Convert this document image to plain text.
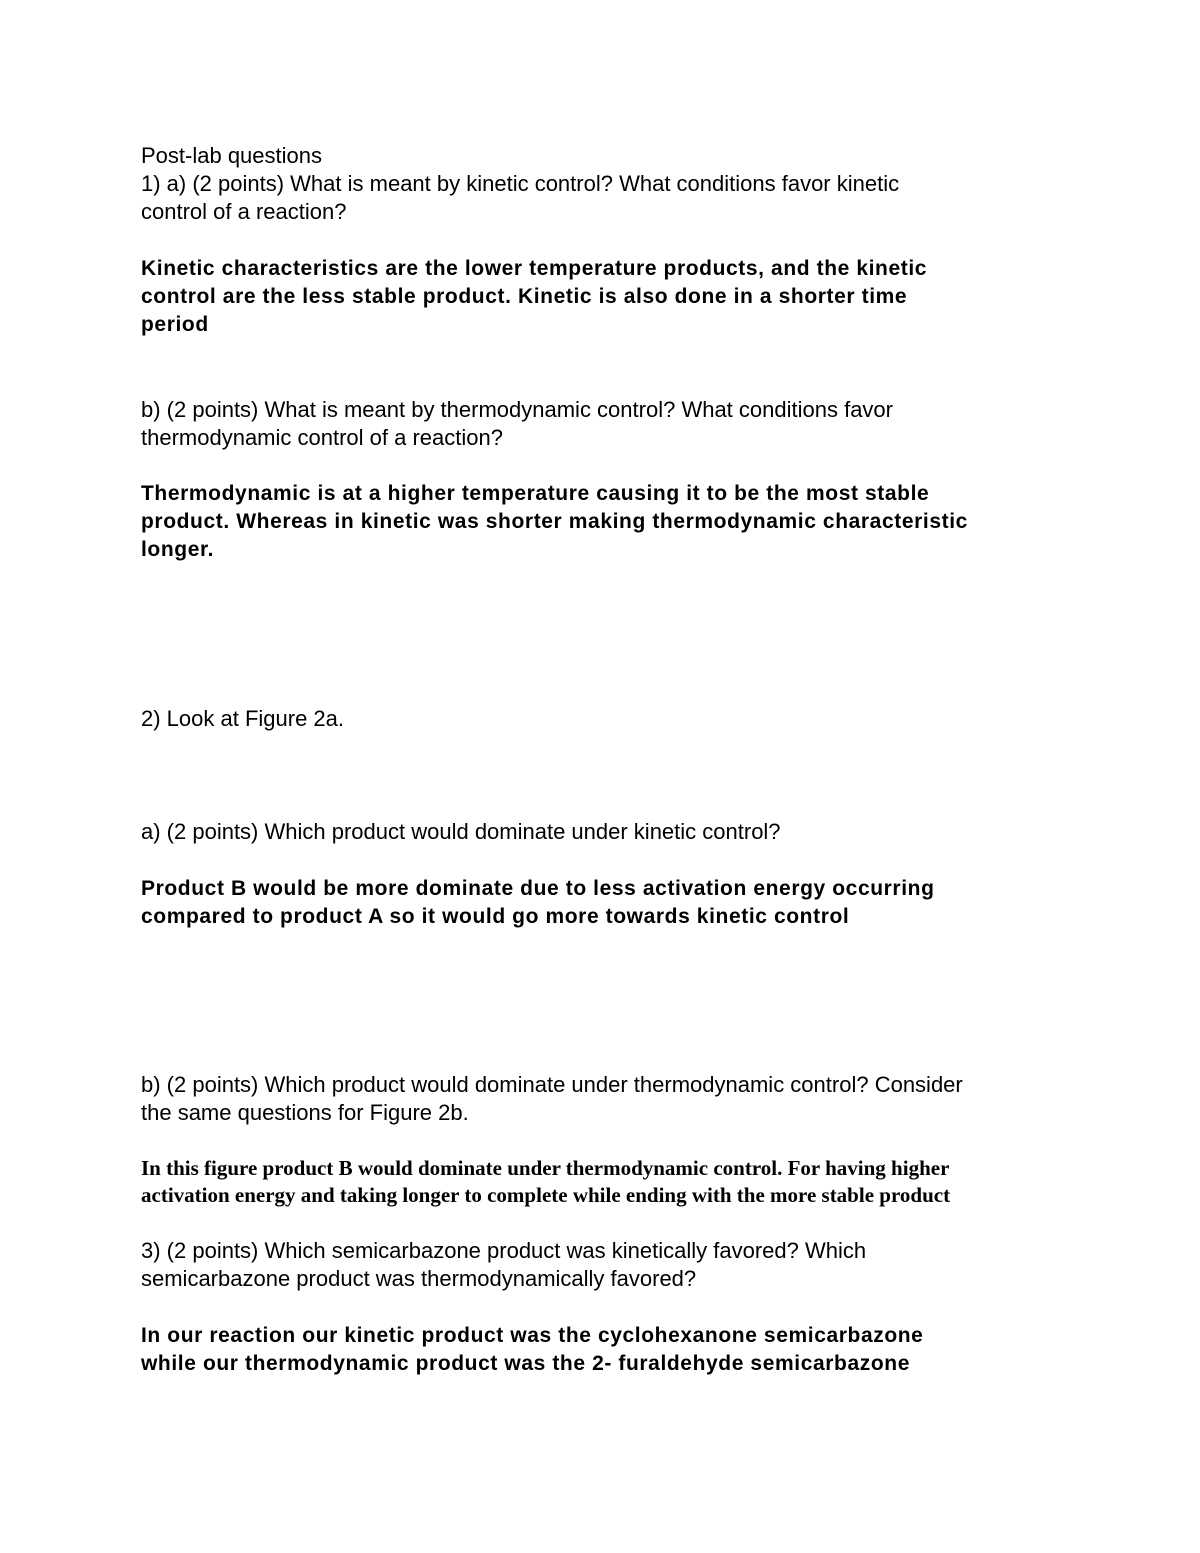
Post-lab questions

1) a) (2 points) What is meant by kinetic control? What conditions favor kinetic

control of a reaction?

Kinetic characteristics are the lower temperature products, and the kinetic

control are the less stable product. Kinetic is also done in a shorter time

period

b) (2 points) What is meant by thermodynamic control? What conditions favor

thermodynamic control of a reaction?

Thermodynamic is at a higher temperature causing it to be the most stable

product. Whereas in kinetic was shorter making thermodynamic characteristic

longer.

2) Look at Figure 2a.

a) (2 points) Which product would dominate under kinetic control?

Product B would be more dominate due to less activation energy occurring

compared to product A so it would go more towards kinetic control

b) (2 points) Which product would dominate under thermodynamic control? Consider

the same questions for Figure 2b.

In this figure product B would dominate under thermodynamic control. For having higher

activation energy and taking longer to complete while ending with the more stable product

3) (2 points) Which semicarbazone product was kinetically favored? Which

semicarbazone product was thermodynamically favored?

In our reaction our kinetic product was the cyclohexanone semicarbazone

while our thermodynamic product was the 2- furaldehyde semicarbazone
